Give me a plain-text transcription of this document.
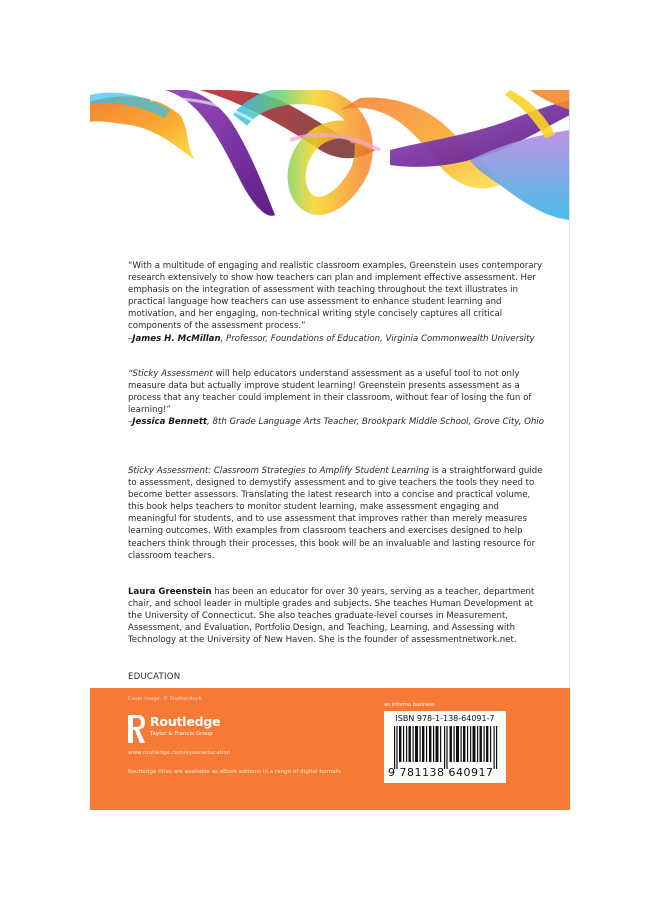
“With a multitude of engaging and realistic classroom examples, Greenstein uses contemporary research extensively to show how teachers can plan and implement effective assessment. Her emphasis on the integration of assessment with teaching throughout the text illustrates in practical language how teachers can use assessment to enhance student learning and motivation, and her engaging, non-technical writing style concisely captures all critical components of the assessment process.”
–James H. McMillan, Professor, Foundations of Education, Virginia Commonwealth University

“Sticky Assessment will help educators understand assessment as a useful tool to not only measure data but actually improve student learning! Greenstein presents assessment as a process that any teacher could implement in their classroom, without fear of losing the fun of learning!”
–Jessica Bennett, 8th Grade Language Arts Teacher, Brookpark Middle School, Grove City, Ohio

Sticky Assessment: Classroom Strategies to Amplify Student Learning is a straightforward guide to assessment, designed to demystify assessment and to give teachers the tools they need to become better assessors. Translating the latest research into a concise and practical volume, this book helps teachers to monitor student learning, make assessment engaging and meaningful for students, and to use assessment that improves rather than merely measures learning outcomes. With examples from classroom teachers and exercises designed to help teachers think through their processes, this book will be an invaluable and lasting resource for classroom teachers.

Laura Greenstein has been an educator for over 30 years, serving as a teacher, department chair, and school leader in multiple grades and subjects. She teaches Human Development at the University of Connecticut. She also teaches graduate-level courses in Measurement, Assessment, and Evaluation, Portfolio Design, and Teaching, Learning, and Assessing with Technology at the University of New Haven. She is the founder of assessmentnetwork.net.

EDUCATION

Cover image: © Shutterstock
Routledge
Taylor & Francis Group
www.routledge.com/eyeoneducation
Routledge titles are available as eBook editions in a range of digital formats
an informa business
ISBN 978-1-138-64091-7
9 781138 640917
